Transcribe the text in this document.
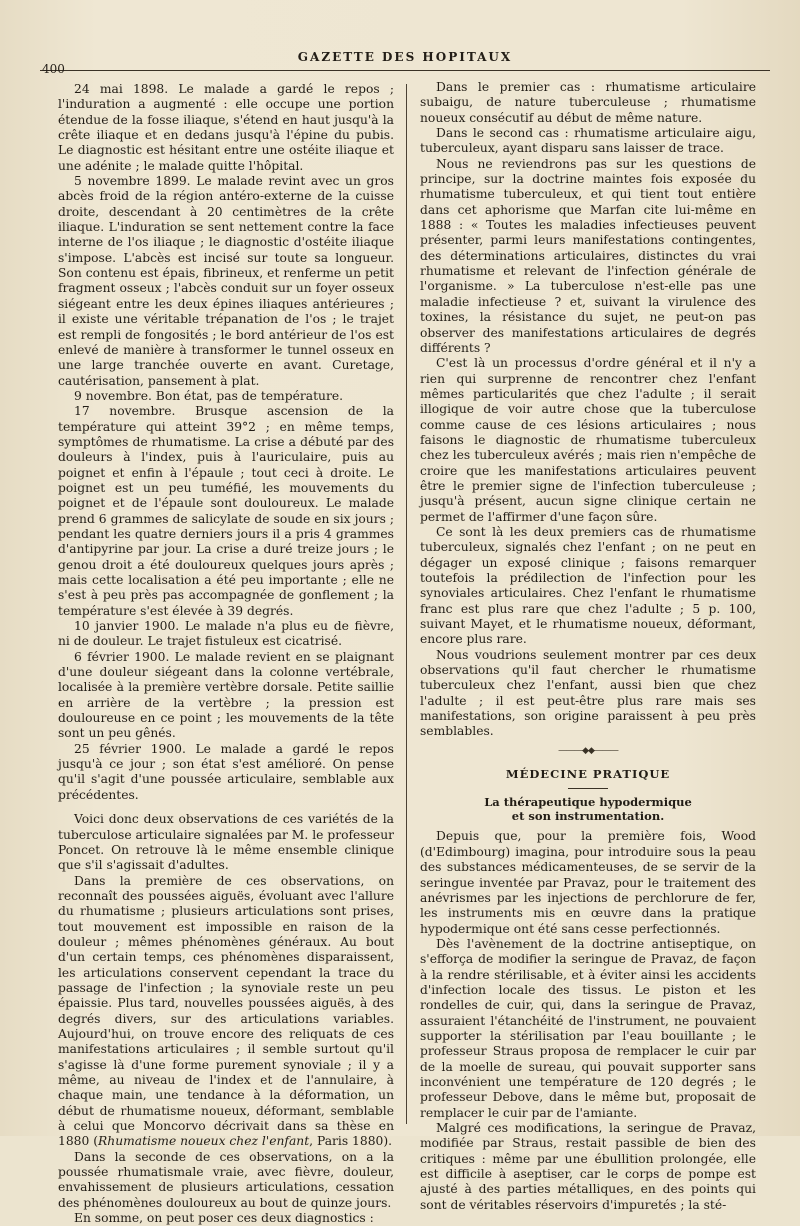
400
GAZETTE DES HOPITAUX

24 mai 1898. Le malade a gardé le repos ; l'induration a augmenté : elle occupe une portion étendue de la fosse iliaque, s'étend en haut jusqu'à la crête iliaque et en dedans jusqu'à l'épine du pubis. Le diagnostic est hésitant entre une ostéite iliaque et une adénite ; le malade quitte l'hôpital.

5 novembre 1899. Le malade revint avec un gros abcès froid de la région antéro-externe de la cuisse droite, descendant à 20 centimètres de la crête iliaque. L'induration se sent nettement contre la face interne de l'os iliaque ; le diagnostic d'ostéite iliaque s'impose. L'abcès est incisé sur toute sa longueur. Son contenu est épais, fibrineux, et renferme un petit fragment osseux ; l'abcès conduit sur un foyer osseux siégeant entre les deux épines iliaques antérieures ; il existe une véritable trépanation de l'os ; le trajet est rempli de fongosités ; le bord antérieur de l'os est enlevé de manière à transformer le tunnel osseux en une large tranchée ouverte en avant. Curetage, cautérisation, pansement à plat.

9 novembre. Bon état, pas de température.

17 novembre. Brusque ascension de la température qui atteint 39°2 ; en même temps, symptômes de rhumatisme. La crise a débuté par des douleurs à l'index, puis à l'auriculaire, puis au poignet et enfin à l'épaule ; tout ceci à droite. Le poignet est un peu tuméfié, les mouvements du poignet et de l'épaule sont douloureux. Le malade prend 6 grammes de salicylate de soude en six jours ; pendant les quatre derniers jours il a pris 4 grammes d'antipyrine par jour. La crise a duré treize jours ; le genou droit a été douloureux quelques jours après ; mais cette localisation a été peu importante ; elle ne s'est à peu près pas accompagnée de gonflement ; la température s'est élevée à 39 degrés.

10 janvier 1900. Le malade n'a plus eu de fièvre, ni de douleur. Le trajet fistuleux est cicatrisé.

6 février 1900. Le malade revient en se plaignant d'une douleur siégeant dans la colonne vertébrale, localisée à la première vertèbre dorsale. Petite saillie en arrière de la vertèbre ; la pression est douloureuse en ce point ; les mouvements de la tête sont un peu gênés.

25 février 1900. Le malade a gardé le repos jusqu'à ce jour ; son état s'est amélioré. On pense qu'il s'agit d'une poussée articulaire, semblable aux précédentes.

Voici donc deux observations de ces variétés de la tuberculose articulaire signalées par M. le professeur Poncet. On retrouve là le même ensemble clinique que s'il s'agissait d'adultes.

Dans la première de ces observations, on reconnaît des poussées aiguës, évoluant avec l'allure du rhumatisme ; plusieurs articulations sont prises, tout mouvement est impossible en raison de la douleur ; mêmes phénomènes généraux. Au bout d'un certain temps, ces phénomènes disparaissent, les articulations conservent cependant la trace du passage de l'infection ; la synoviale reste un peu épaissie. Plus tard, nouvelles poussées aiguës, à des degrés divers, sur des articulations variables. Aujourd'hui, on trouve encore des reliquats de ces manifestations articulaires ; il semble surtout qu'il s'agisse là d'une forme purement synoviale ; il y a même, au niveau de l'index et de l'annulaire, à chaque main, une tendance à la déformation, un début de rhumatisme noueux, déformant, semblable à celui que Moncorvo décrivait dans sa thèse en 1880 (Rhumatisme noueux chez l'enfant, Paris 1880).

Dans la seconde de ces observations, on a la poussée rhumatismale vraie, avec fièvre, douleur, envahissement de plusieurs articulations, cessation des phénomènes douloureux au bout de quinze jours.

En somme, on peut poser ces deux diagnostics :

Dans le premier cas : rhumatisme articulaire subaigu, de nature tuberculeuse ; rhumatisme noueux consécutif au début de même nature.

Dans le second cas : rhumatisme articulaire aigu, tuberculeux, ayant disparu sans laisser de trace.

Nous ne reviendrons pas sur les questions de principe, sur la doctrine maintes fois exposée du rhumatisme tuberculeux, et qui tient tout entière dans cet aphorisme que Marfan cite lui-même en 1888 : « Toutes les maladies infectieuses peuvent présenter, parmi leurs manifestations contingentes, des déterminations articulaires, distinctes du vrai rhumatisme et relevant de l'infection générale de l'organisme. » La tuberculose n'est-elle pas une maladie infectieuse ? et, suivant la virulence des toxines, la résistance du sujet, ne peut-on pas observer des manifestations articulaires de degrés différents ?

C'est là un processus d'ordre général et il n'y a rien qui surprenne de rencontrer chez l'enfant mêmes particularités que chez l'adulte ; il serait illogique de voir autre chose que la tuberculose comme cause de ces lésions articulaires ; nous faisons le diagnostic de rhumatisme tuberculeux chez les tuberculeux avérés ; mais rien n'empêche de croire que les manifestations articulaires peuvent être le premier signe de l'infection tuberculeuse ; jusqu'à présent, aucun signe clinique certain ne permet de l'affirmer d'une façon sûre.

Ce sont là les deux premiers cas de rhumatisme tuberculeux, signalés chez l'enfant ; on ne peut en dégager un exposé clinique ; faisons remarquer toutefois la prédilection de l'infection pour les synoviales articulaires. Chez l'enfant le rhumatisme franc est plus rare que chez l'adulte ; 5 p. 100, suivant Mayet, et le rhumatisme noueux, déformant, encore plus rare.

Nous voudrions seulement montrer par ces deux observations qu'il faut chercher le rhumatisme tuberculeux chez l'enfant, aussi bien que chez l'adulte ; il est peut-être plus rare mais ses manifestations, son origine paraissent à peu près semblables.

———◆◆———
MÉDECINE PRATIQUE
La thérapeutique hypodermique
et son instrumentation.

Depuis que, pour la première fois, Wood (d'Edimbourg) imagina, pour introduire sous la peau des substances médicamenteuses, de se servir de la seringue inventée par Pravaz, pour le traitement des anévrismes par les injections de perchlorure de fer, les instruments mis en œuvre dans la pratique hypodermique ont été sans cesse perfectionnés.

Dès l'avènement de la doctrine antiseptique, on s'efforça de modifier la seringue de Pravaz, de façon à la rendre stérilisable, et à éviter ainsi les accidents d'infection locale des tissus. Le piston et les rondelles de cuir, qui, dans la seringue de Pravaz, assuraient l'étanchéité de l'instrument, ne pouvaient supporter la stérilisation par l'eau bouillante ; le professeur Straus proposa de remplacer le cuir par de la moelle de sureau, qui pouvait supporter sans inconvénient une température de 120 degrés ; le professeur Debove, dans le même but, proposait de remplacer le cuir par de l'amiante.

Malgré ces modifications, la seringue de Pravaz, modifiée par Straus, restait passible de bien des critiques : même par une ébullition prolongée, elle est difficile à aseptiser, car le corps de pompe est ajusté à des parties métalliques, en des points qui sont de véritables réservoirs d'impuretés ; la sté-
